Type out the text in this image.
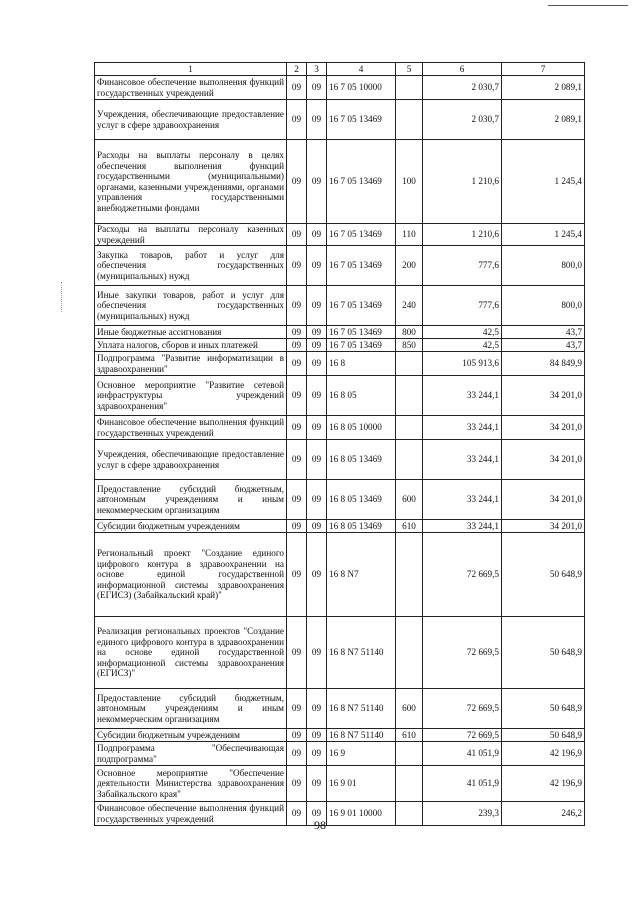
1	2	3	4	5	6	7
Финансовое обеспечение выполнения функций государственных учреждений	09	09	16 7 05 10000		2 030,7	2 089,1
Учреждения, обеспечивающие предоставление услуг в сфере здравоохранения	09	09	16 7 05 13469		2 030,7	2 089,1
Расходы на выплаты персоналу в целях обеспечения выполнения функций государственными (муниципальными) органами, казенными учреждениями, органами управления государственными внебюджетными фондами	09	09	16 7 05 13469	100	1 210,6	1 245,4
Расходы на выплаты персоналу казенных учреждений	09	09	16 7 05 13469	110	1 210,6	1 245,4
Закупка товаров, работ и услуг для обеспечения государственных (муниципальных) нужд	09	09	16 7 05 13469	200	777,6	800,0
Иные закупки товаров, работ и услуг для обеспечения государственных (муниципальных) нужд	09	09	16 7 05 13469	240	777,6	800,0
Иные бюджетные ассигнования	09	09	16 7 05 13469	800	42,5	43,7
Уплата налогов, сборов и иных платежей	09	09	16 7 05 13469	850	42,5	43,7
Подпрограмма "Развитие информатизации в здравоохранении"	09	09	16 8		105 913,6	84 849,9
Основное мероприятие "Развитие сетевой инфраструктуры учреждений здравоохранения"	09	09	16 8 05		33 244,1	34 201,0
Финансовое обеспечение выполнения функций государственных учреждений	09	09	16 8 05 10000		33 244,1	34 201,0
Учреждения, обеспечивающие предоставление услуг в сфере здравоохранения	09	09	16 8 05 13469		33 244,1	34 201,0
Предоставление субсидий бюджетным, автономным учреждениям и иным некоммерческим организациям	09	09	16 8 05 13469	600	33 244,1	34 201,0
Субсидии бюджетным учреждениям	09	09	16 8 05 13469	610	33 244,1	34 201,0
Региональный проект "Создание единого цифрового контура в здравоохранении на основе единой государственной информационной системы здравоохранения (ЕГИСЗ) (Забайкальский край)"	09	09	16 8 N7		72 669,5	50 648,9
Реализация региональных проектов "Создание единого цифрового контура в здравоохранении на основе единой государственной информационной системы здравоохранения (ЕГИСЗ)"	09	09	16 8 N7 51140		72 669,5	50 648,9
Предоставление субсидий бюджетным, автономным учреждениям и иным некоммерческим организациям	09	09	16 8 N7 51140	600	72 669,5	50 648,9
Субсидии бюджетным учреждениям	09	09	16 8 N7 51140	610	72 669,5	50 648,9
Подпрограмма "Обеспечивающая подпрограмма"	09	09	16 9		41 051,9	42 196,9
Основное мероприятие "Обеспечение деятельности Министерства здравоохранения Забайкальского края"	09	09	16 9 01		41 051,9	42 196,9
Финансовое обеспечение выполнения функций государственных учреждений	09	09	16 9 01 10000		239,3	246,2
98
